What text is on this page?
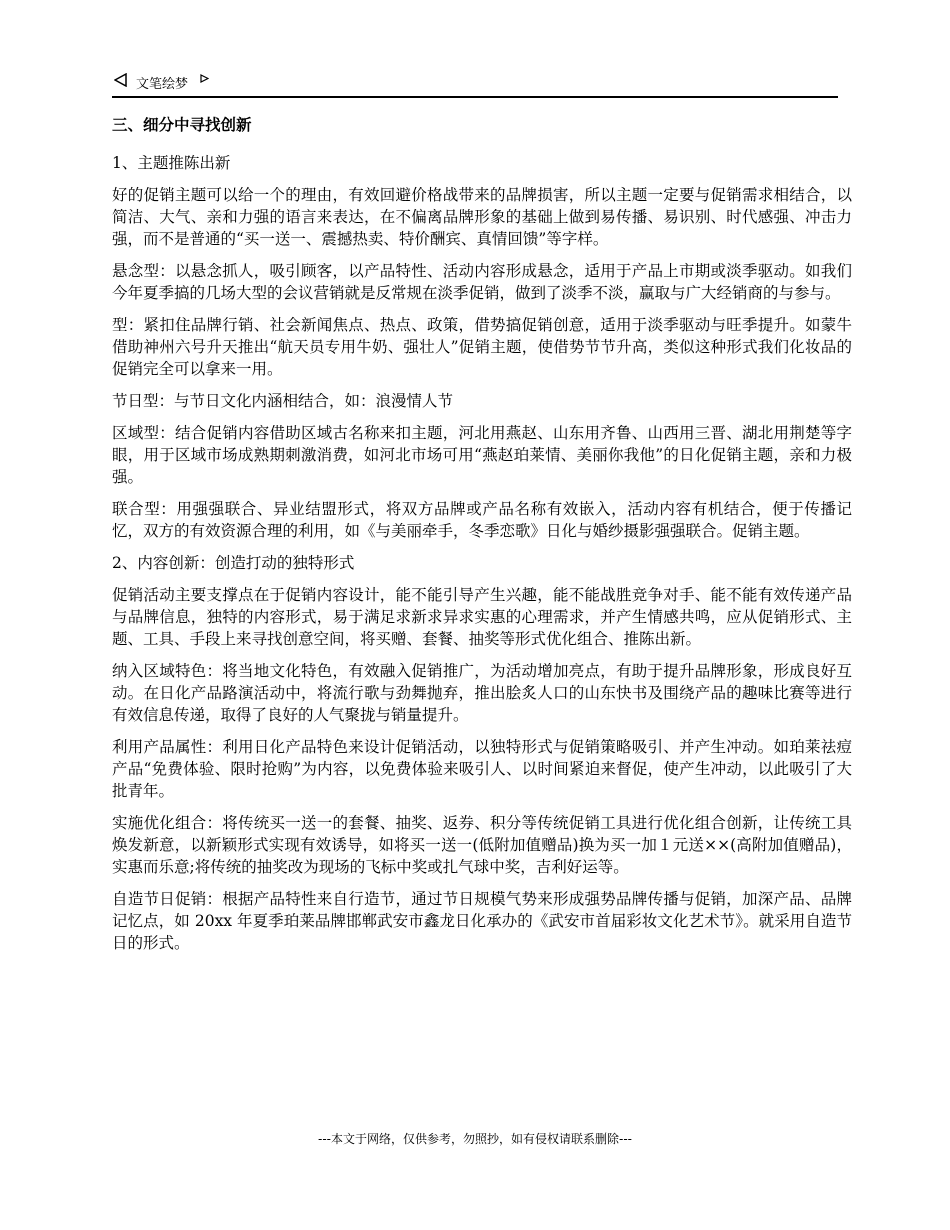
文笔绘梦
三、细分中寻找创新
1、主题推陈出新

好的促销主题可以给一个的理由，有效回避价格战带来的品牌损害，所以主题一定要与促销需求相结合，以简洁、大气、亲和力强的语言来表达，在不偏离品牌形象的基础上做到易传播、易识别、时代感强、冲击力强，而不是普通的“买一送一、震撼热卖、特价酬宾、真情回馈”等字样。

悬念型：以悬念抓人，吸引顾客，以产品特性、活动内容形成悬念，适用于产品上市期或淡季驱动。如我们今年夏季搞的几场大型的会议营销就是反常规在淡季促销，做到了淡季不淡，赢取与广大经销商的与参与。

型：紧扣住品牌行销、社会新闻焦点、热点、政策，借势搞促销创意，适用于淡季驱动与旺季提升。如蒙牛借助神州六号升天推出“航天员专用牛奶、强壮人”促销主题，使借势节节升高，类似这种形式我们化妆品的促销完全可以拿来一用。

节日型：与节日文化内涵相结合，如：浪漫情人节

区域型：结合促销内容借助区域古名称来扣主题，河北用燕赵、山东用齐鲁、山西用三晋、湖北用荆楚等字眼，用于区域市场成熟期刺激消费，如河北市场可用“燕赵珀莱情、美丽你我他”的日化促销主题，亲和力极强。

联合型：用强强联合、异业结盟形式，将双方品牌或产品名称有效嵌入，活动内容有机结合，便于传播记忆，双方的有效资源合理的利用，如《与美丽牵手，冬季恋歌》日化与婚纱摄影强强联合。促销主题。

2、内容创新：创造打动的独特形式

促销活动主要支撑点在于促销内容设计，能不能引导产生兴趣，能不能战胜竞争对手、能不能有效传递产品与品牌信息，独特的内容形式，易于满足求新求异求实惠的心理需求，并产生情感共鸣，应从促销形式、主题、工具、手段上来寻找创意空间，将买赠、套餐、抽奖等形式优化组合、推陈出新。

纳入区域特色：将当地文化特色，有效融入促销推广，为活动增加亮点，有助于提升品牌形象，形成良好互动。在日化产品路演活动中，将流行歌与劲舞抛弃，推出脍炙人口的山东快书及围绕产品的趣味比赛等进行有效信息传递，取得了良好的人气聚拢与销量提升。

利用产品属性：利用日化产品特色来设计促销活动，以独特形式与促销策略吸引、并产生冲动。如珀莱祛痘产品“免费体验、限时抢购”为内容，以免费体验来吸引人、以时间紧迫来督促，使产生冲动，以此吸引了大批青年。

实施优化组合：将传统买一送一的套餐、抽奖、返券、积分等传统促销工具进行优化组合创新，让传统工具焕发新意，以新颖形式实现有效诱导，如将买一送一(低附加值赠品)换为买一加１元送××(高附加值赠品)，实惠而乐意;将传统的抽奖改为现场的飞标中奖或扎气球中奖，吉利好运等。

自造节日促销：根据产品特性来自行造节，通过节日规模气势来形成强势品牌传播与促销，加深产品、品牌记忆点，如 20xx 年夏季珀莱品牌邯郸武安市鑫龙日化承办的《武安市首届彩妆文化艺术节》。就采用自造节日的形式。

---本文于网络，仅供参考，勿照抄，如有侵权请联系删除---
